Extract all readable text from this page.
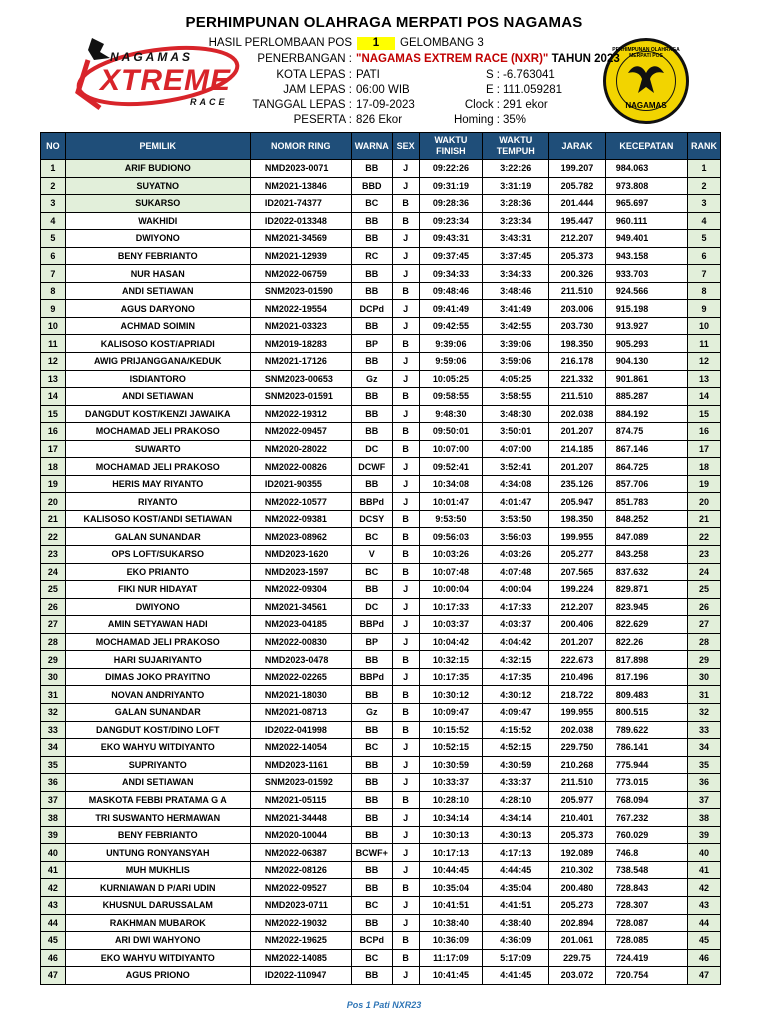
PERHIMPUNAN OLAHRAGA MERPATI POS NAGAMAS
NAGAMAS
XTREME
RACE
PERHIMPUNAN OLAHRAGA MERPATI POS
NAGAMAS
HASIL PERLOMBAAN POS	1	GELOMBANG 3
PENERBANGAN : "NAGAMAS EXTREM RACE (NXR)" TAHUN 2023
KOTA LEPAS : PATI	S : -6.763041
JAM LEPAS : 06:00 WIB	E : 111.059281
TANGGAL LEPAS : 17-09-2023	Clock : 291 ekor
PESERTA : 826 Ekor	Homing : 35%
NO	PEMILIK	NOMOR RING	WARNA	SEX	WAKTU FINISH	WAKTU TEMPUH	JARAK	KECEPATAN	RANK
1	ARIF BUDIONO	NMD2023-0071	BB	J	09:22:26	3:22:26	199.207	984.063	1
2	SUYATNO	NM2021-13846	BBD	J	09:31:19	3:31:19	205.782	973.808	2
3	SUKARSO	ID2021-74377	BC	B	09:28:36	3:28:36	201.444	965.697	3
4	WAKHIDI	ID2022-013348	BB	B	09:23:34	3:23:34	195.447	960.111	4
5	DWIYONO	NM2021-34569	BB	J	09:43:31	3:43:31	212.207	949.401	5
6	BENY FEBRIANTO	NM2021-12939	RC	J	09:37:45	3:37:45	205.373	943.158	6
7	NUR HASAN	NM2022-06759	BB	J	09:34:33	3:34:33	200.326	933.703	7
8	ANDI SETIAWAN	SNM2023-01590	BB	B	09:48:46	3:48:46	211.510	924.566	8
9	AGUS DARYONO	NM2022-19554	DCPd	J	09:41:49	3:41:49	203.006	915.198	9
10	ACHMAD SOIMIN	NM2021-03323	BB	J	09:42:55	3:42:55	203.730	913.927	10
11	KALISOSO KOST/APRIADI	NM2019-18283	BP	B	9:39:06	3:39:06	198.350	905.293	11
12	AWIG PRIJANGGANA/KEDUK	NM2021-17126	BB	J	9:59:06	3:59:06	216.178	904.130	12
13	ISDIANTORO	SNM2023-00653	Gz	J	10:05:25	4:05:25	221.332	901.861	13
14	ANDI SETIAWAN	SNM2023-01591	BB	B	09:58:55	3:58:55	211.510	885.287	14
15	DANGDUT KOST/KENZI JAWAIKA	NM2022-19312	BB	J	9:48:30	3:48:30	202.038	884.192	15
16	MOCHAMAD JELI PRAKOSO	NM2022-09457	BB	B	09:50:01	3:50:01	201.207	874.75	16
17	SUWARTO	NM2020-28022	DC	B	10:07:00	4:07:00	214.185	867.146	17
18	MOCHAMAD JELI PRAKOSO	NM2022-00826	DCWF	J	09:52:41	3:52:41	201.207	864.725	18
19	HERIS MAY RIYANTO	ID2021-90355	BB	J	10:34:08	4:34:08	235.126	857.706	19
20	RIYANTO	NM2022-10577	BBPd	J	10:01:47	4:01:47	205.947	851.783	20
21	KALISOSO KOST/ANDI SETIAWAN	NM2022-09381	DCSY	B	9:53:50	3:53:50	198.350	848.252	21
22	GALAN SUNANDAR	NM2023-08962	BC	B	09:56:03	3:56:03	199.955	847.089	22
23	OPS LOFT/SUKARSO	NMD2023-1620	V	B	10:03:26	4:03:26	205.277	843.258	23
24	EKO PRIANTO	NMD2023-1597	BC	B	10:07:48	4:07:48	207.565	837.632	24
25	FIKI NUR HIDAYAT	NM2022-09304	BB	J	10:00:04	4:00:04	199.224	829.871	25
26	DWIYONO	NM2021-34561	DC	J	10:17:33	4:17:33	212.207	823.945	26
27	AMIN SETYAWAN HADI	NM2023-04185	BBPd	J	10:03:37	4:03:37	200.406	822.629	27
28	MOCHAMAD JELI PRAKOSO	NM2022-00830	BP	J	10:04:42	4:04:42	201.207	822.26	28
29	HARI SUJARIYANTO	NMD2023-0478	BB	B	10:32:15	4:32:15	222.673	817.898	29
30	DIMAS JOKO PRAYITNO	NM2022-02265	BBPd	J	10:17:35	4:17:35	210.496	817.196	30
31	NOVAN ANDRIYANTO	NM2021-18030	BB	B	10:30:12	4:30:12	218.722	809.483	31
32	GALAN SUNANDAR	NM2021-08713	Gz	B	10:09:47	4:09:47	199.955	800.515	32
33	DANGDUT KOST/DINO LOFT	ID2022-041998	BB	B	10:15:52	4:15:52	202.038	789.622	33
34	EKO WAHYU WITDIYANTO	NM2022-14054	BC	J	10:52:15	4:52:15	229.750	786.141	34
35	SUPRIYANTO	NMD2023-1161	BB	J	10:30:59	4:30:59	210.268	775.944	35
36	ANDI SETIAWAN	SNM2023-01592	BB	J	10:33:37	4:33:37	211.510	773.015	36
37	MASKOTA FEBBI PRATAMA G A	NM2021-05115	BB	B	10:28:10	4:28:10	205.977	768.094	37
38	TRI SUSWANTO HERMAWAN	NM2021-34448	BB	J	10:34:14	4:34:14	210.401	767.232	38
39	BENY FEBRIANTO	NM2020-10044	BB	J	10:30:13	4:30:13	205.373	760.029	39
40	UNTUNG RONYANSYAH	NM2022-06387	BCWF+	J	10:17:13	4:17:13	192.089	746.8	40
41	MUH MUKHLIS	NM2022-08126	BB	J	10:44:45	4:44:45	210.302	738.548	41
42	KURNIAWAN D P/ARI UDIN	NM2022-09527	BB	B	10:35:04	4:35:04	200.480	728.843	42
43	KHUSNUL DARUSSALAM	NMD2023-0711	BC	J	10:41:51	4:41:51	205.273	728.307	43
44	RAKHMAN MUBAROK	NM2022-19032	BB	J	10:38:40	4:38:40	202.894	728.087	44
45	ARI DWI WAHYONO	NM2022-19625	BCPd	B	10:36:09	4:36:09	201.061	728.085	45
46	EKO WAHYU WITDIYANTO	NM2022-14085	BC	B	11:17:09	5:17:09	229.75	724.419	46
47	AGUS PRIONO	ID2022-110947	BB	J	10:41:45	4:41:45	203.072	720.754	47
Pos 1 Pati NXR23
